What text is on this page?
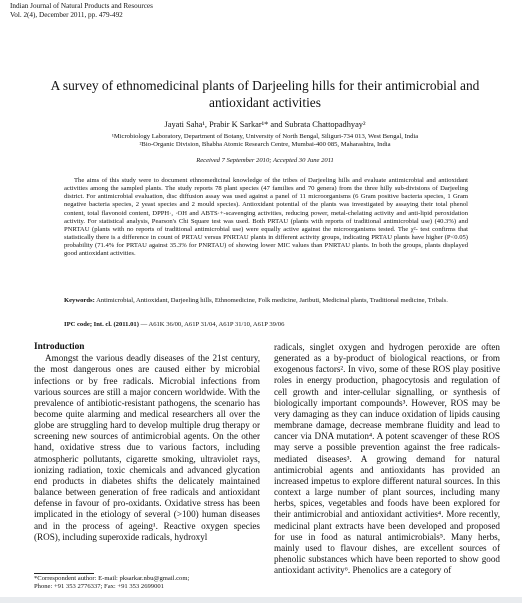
Indian Journal of Natural Products and Resources
Vol. 2(4), December 2011, pp. 479-492
A survey of ethnomedicinal plants of Darjeeling hills for their antimicrobial and antioxidant activities
Jayati Saha¹, Prabir K Sarkar¹* and Subrata Chattopadhyay²
¹Microbiology Laboratory, Department of Botany, University of North Bengal, Siliguri-734 013, West Bengal, India
²Bio-Organic Division, Bhabha Atomic Research Centre, Mumbai-400 085, Maharashtra, India
Received 7 September 2010; Accepted 30 June 2011
The aims of this study were to document ethnomedicinal knowledge of the tribes of Darjeeling hills and evaluate antimicrobial and antioxidant activities among the sampled plants. The study reports 78 plant species (47 families and 70 genera) from the three hilly sub-divisions of Darjeeling district. For antimicrobial evaluation, disc diffusion assay was used against a panel of 11 microorganisms (6 Gram positive bacteria species, 1 Gram negative bacteria species, 2 yeast species and 2 mould species). Antioxidant potential of the plants was investigated by assaying their total phenol content, total flavonoid content, DPPH·, ·OH and ABTS·+-scavenging activities, reducing power, metal-chelating activity and anti-lipid peroxidation activity. For statistical analysis, Pearson's Chi Square test was used. Both PRTAU (plants with reports of traditional antimicrobial use) (40.3%) and PNRTAU (plants with no reports of traditional antimicrobial use) were equally active against the microorganisms tested. The χ²- test confirms that statistically there is a difference in count of PRTAU versus PNRTAU plants in different activity groups, indicating PRTAU plants have higher (P<0.05) probability (71.4% for PRTAU against 35.3% for PNRTAU) of showing lower MIC values than PNRTAU plants. In both the groups, plants displayed good antioxidant activities.
Keywords: Antimicrobial, Antioxidant, Darjeeling hills, Ethnomedicine, Folk medicine, Jaributi, Medicinal plants, Traditional medicine, Tribals.
IPC code; Int. cl. (2011.01) — A61K 36/00, A61P 31/04, A61P 31/10, A61P 39/06
Introduction

Amongst the various deadly diseases of the 21st century, the most dangerous ones are caused either by microbial infections or by free radicals. Microbial infections from various sources are still a major concern worldwide. With the prevalence of antibiotic-resistant pathogens, the scenario has become quite alarming and medical researchers all over the globe are struggling hard to develop multiple drug therapy or screening new sources of antimicrobial agents. On the other hand, oxidative stress due to various factors, including atmospheric pollutants, cigarette smoking, ultraviolet rays, ionizing radiation, toxic chemicals and advanced glycation end products in diabetes shifts the delicately maintained balance between generation of free radicals and antioxidant defense in favour of pro-oxidants. Oxidative stress has been implicated in the etiology of several (>100) human diseases and in the process of ageing¹. Reactive oxygen species (ROS), including superoxide radicals, hydroxyl

radicals, singlet oxygen and hydrogen peroxide are often generated as a by-product of biological reactions, or from exogenous factors². In vivo, some of these ROS play positive roles in energy production, phagocytosis and regulation of cell growth and inter-cellular signalling, or synthesis of biologically important compounds³. However, ROS may be very damaging as they can induce oxidation of lipids causing membrane damage, decrease membrane fluidity and lead to cancer via DNA mutation⁴. A potent scavenger of these ROS may serve a possible prevention against the free radicals-mediated diseases³. A growing demand for natural antimicrobial agents and antioxidants has provided an increased impetus to explore different natural sources. In this context a large number of plant sources, including many herbs, spices, vegetables and foods have been explored for their antimicrobial and antioxidant activities⁴. More recently, medicinal plant extracts have been developed and proposed for use in food as natural antimicrobials⁵. Many herbs, mainly used to flavour dishes, are excellent sources of phenolic substances which have been reported to show good antioxidant activity⁶. Phenolics are a category of

*Correspondent author: E-mail: pksarkar.nbu@gmail.com;
Phone: +91 353 2776337; Fax: +91 353 2699001
